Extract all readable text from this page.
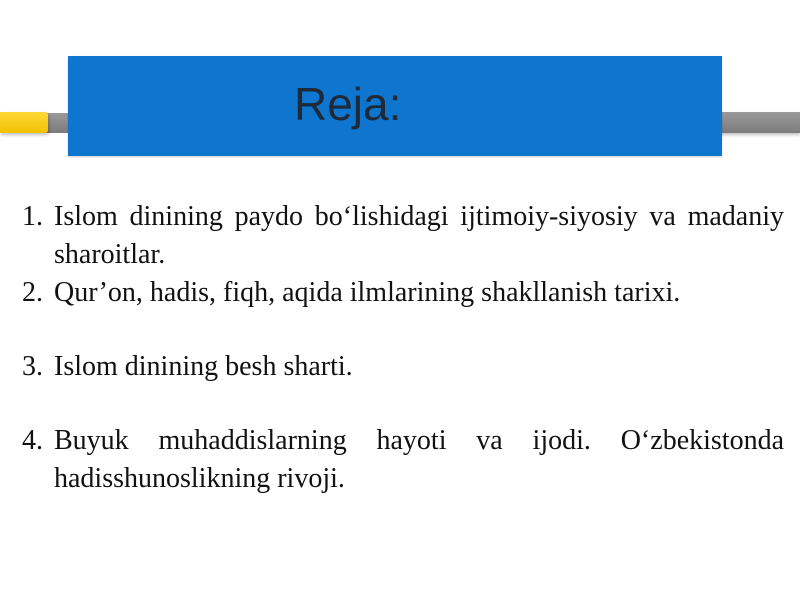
Reja:
1. Islom dinining paydo bo‘lishidagi ijtimoiy-siyosiy va madaniy sharoitlar.
2. Qur’on, hadis, fiqh, aqida ilmlarining shakllanish tarixi.
3. Islom dinining besh sharti.
4. Buyuk muhaddislarning hayoti va ijodi. O‘zbekistonda hadisshunoslikning rivoji.
